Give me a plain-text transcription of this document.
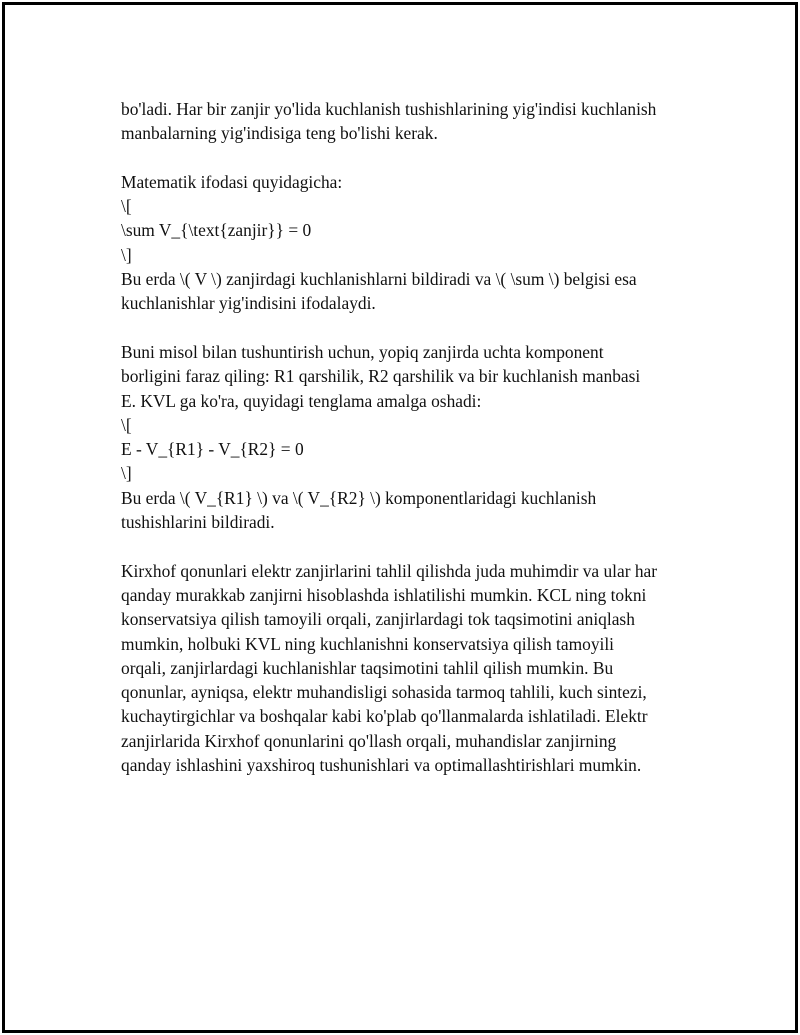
bo'ladi. Har bir zanjir yo'lida kuchlanish tushishlarining yig'indisi kuchlanish
manbalarning yig'indisiga teng bo'lishi kerak.
Matematik ifodasi quyidagicha:
\[
\sum V_{\text{zanjir}} = 0
\]
Bu erda \( V \) zanjirdagi kuchlanishlarni bildiradi va \( \sum \) belgisi esa
kuchlanishlar yig'indisini ifodalaydi.
Buni misol bilan tushuntirish uchun, yopiq zanjirda uchta komponent
borligini faraz qiling: R1 qarshilik, R2 qarshilik va bir kuchlanish manbasi
E. KVL ga ko'ra, quyidagi tenglama amalga oshadi:
\[
E - V_{R1} - V_{R2} = 0
\]
Bu erda \( V_{R1} \) va \( V_{R2} \) komponentlaridagi kuchlanish
tushishlarini bildiradi.
Kirxhof qonunlari elektr zanjirlarini tahlil qilishda juda muhimdir va ular har
qanday murakkab zanjirni hisoblashda ishlatilishi mumkin. KCL ning tokni
konservatsiya qilish tamoyili orqali, zanjirlardagi tok taqsimotini aniqlash
mumkin, holbuki KVL ning kuchlanishni konservatsiya qilish tamoyili
orqali, zanjirlardagi kuchlanishlar taqsimotini tahlil qilish mumkin. Bu
qonunlar, ayniqsa, elektr muhandisligi sohasida tarmoq tahlili, kuch sintezi,
kuchaytirgichlar va boshqalar kabi ko'plab qo'llanmalarda ishlatiladi. Elektr
zanjirlarida Kirxhof qonunlarini qo'llash orqali, muhandislar zanjirning
qanday ishlashini yaxshiroq tushunishlari va optimallashtirishlari mumkin.
